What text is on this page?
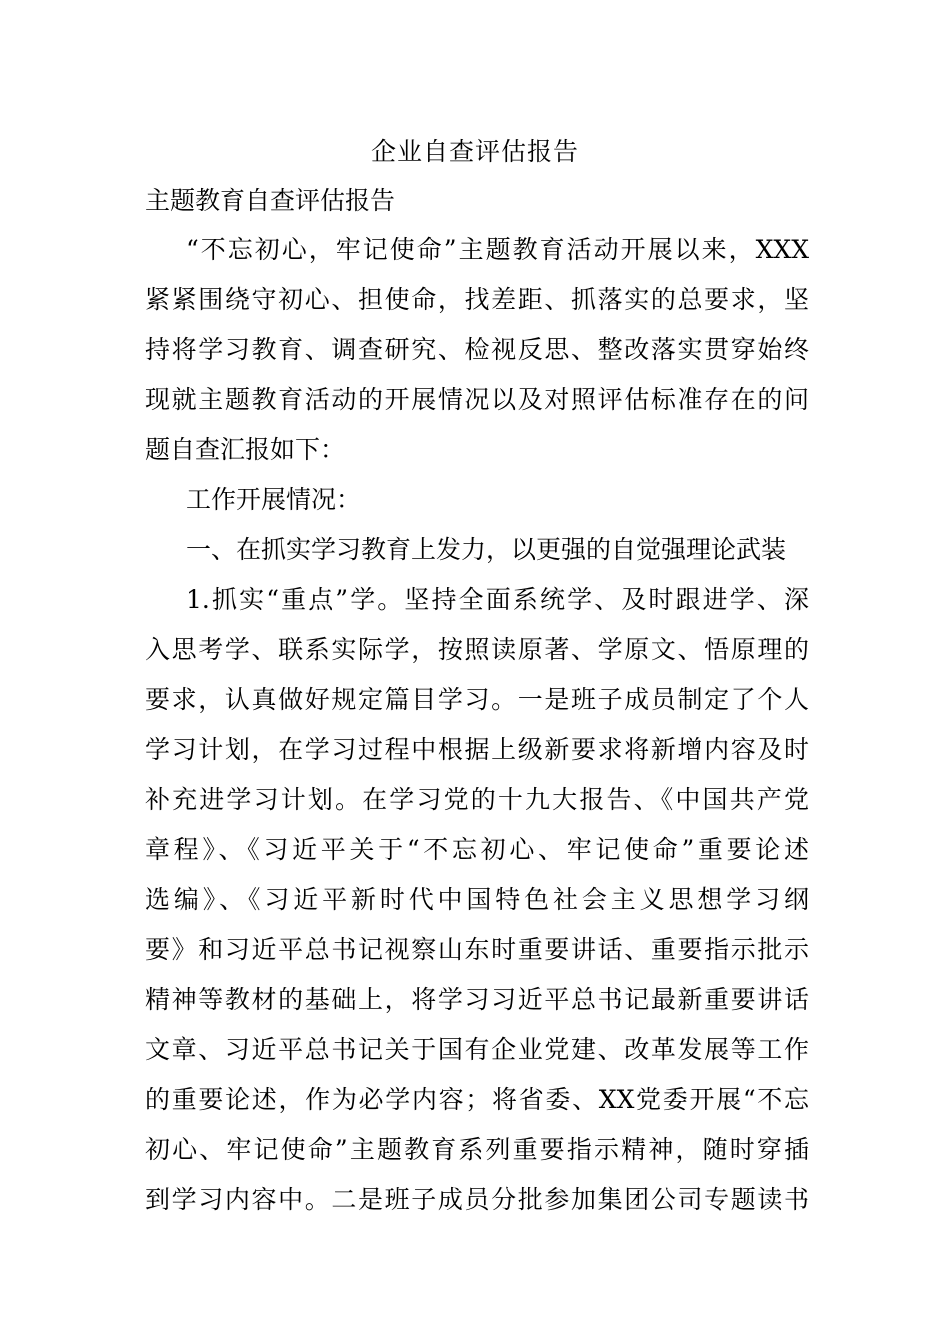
企业自查评估报告
主题教育自查评估报告
“不忘初心，牢记使命”主题教育活动开展以来，XXX
紧紧围绕守初心、担使命，找差距、抓落实的总要求，坚
持将学习教育、调查研究、检视反思、整改落实贯穿始终
现就主题教育活动的开展情况以及对照评估标准存在的问
题自查汇报如下：
工作开展情况：
一、在抓实学习教育上发力，以更强的自觉强理论武装
1.抓实“重点”学。坚持全面系统学、及时跟进学、深
入思考学、联系实际学，按照读原著、学原文、悟原理的
要求，认真做好规定篇目学习。一是班子成员制定了个人
学习计划，在学习过程中根据上级新要求将新增内容及时
补充进学习计划。在学习党的十九大报告、《中国共产党
章程》、《习近平关于“不忘初心、牢记使命”重要论述
选编》、《习近平新时代中国特色社会主义思想学习纲
要》和习近平总书记视察山东时重要讲话、重要指示批示
精神等教材的基础上，将学习习近平总书记最新重要讲话
文章、习近平总书记关于国有企业党建、改革发展等工作
的重要论述，作为必学内容；将省委、XX党委开展“不忘
初心、牢记使命”主题教育系列重要指示精神，随时穿插
到学习内容中。二是班子成员分批参加集团公司专题读书
